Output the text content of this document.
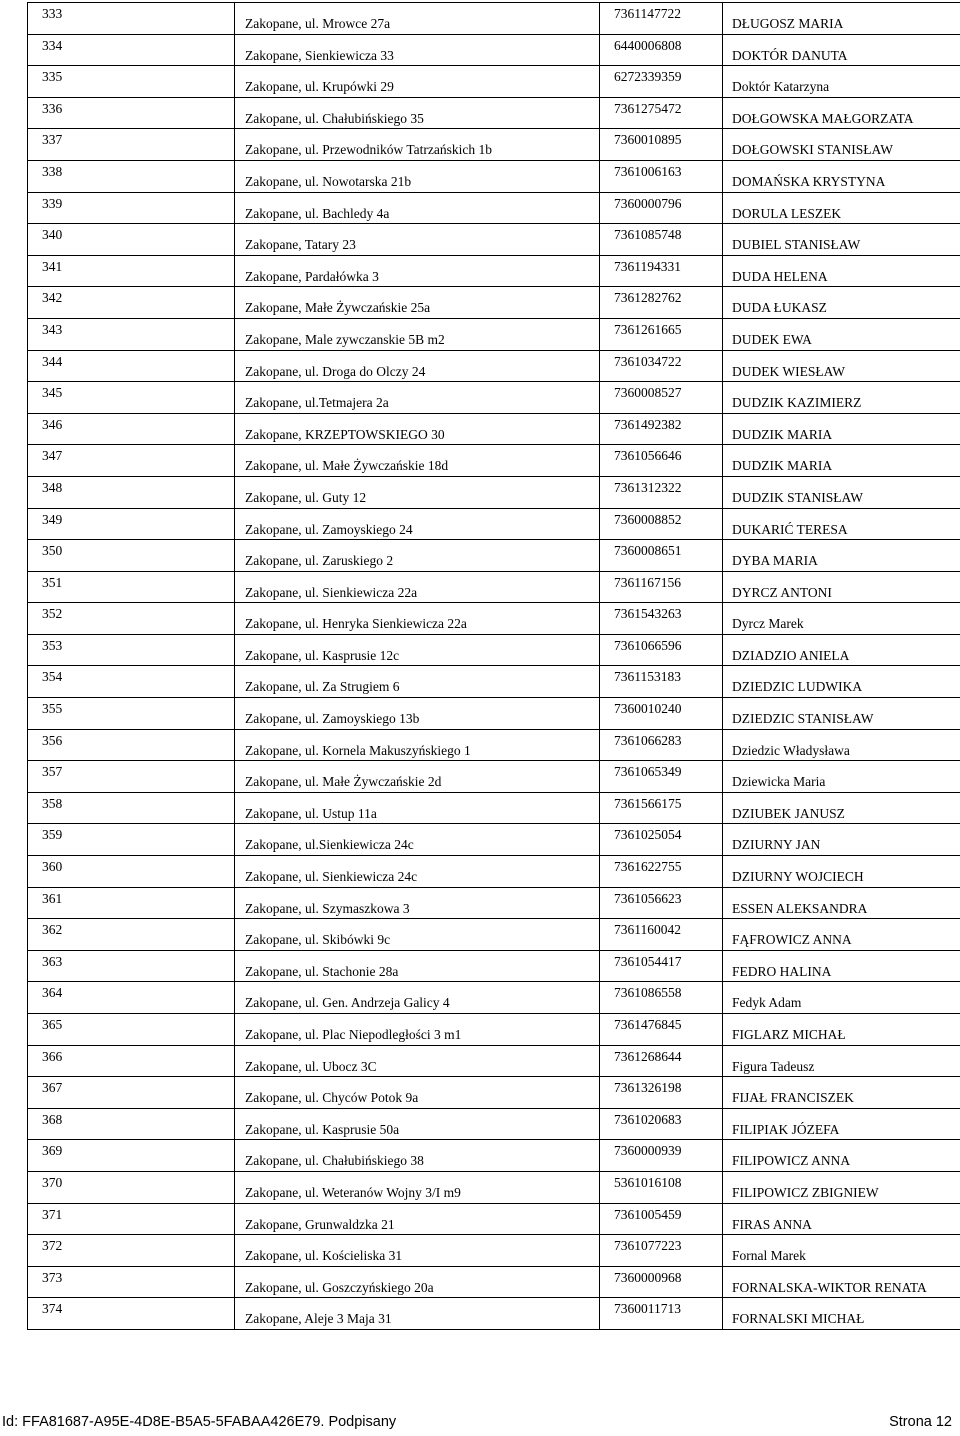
333	Zakopane, ul. Mrowce 27a	7361147722	DŁUGOSZ MARIA

334	Zakopane, Sienkiewicza 33	6440006808	DOKTÓR DANUTA

335	Zakopane, ul. Krupówki 29	6272339359	Doktór Katarzyna

336	Zakopane, ul. Chałubińskiego 35	7361275472	DOŁGOWSKA MAŁGORZATA

337	Zakopane, ul. Przewodników Tatrzańskich 1b	7360010895	DOŁGOWSKI STANISŁAW

338	Zakopane, ul. Nowotarska 21b	7361006163	DOMAŃSKA KRYSTYNA

339	Zakopane, ul. Bachledy 4a	7360000796	DORULA LESZEK

340	Zakopane, Tatary 23	7361085748	DUBIEL STANISŁAW

341	Zakopane, Pardałówka 3	7361194331	DUDA HELENA

342	Zakopane, Małe Żywczańskie 25a	7361282762	DUDA ŁUKASZ

343	Zakopane, Male zywczanskie 5B m2	7361261665	DUDEK EWA

344	Zakopane, ul. Droga do Olczy 24	7361034722	DUDEK WIESŁAW

345	Zakopane, ul.Tetmajera 2a	7360008527	DUDZIK KAZIMIERZ

346	Zakopane, KRZEPTOWSKIEGO 30	7361492382	DUDZIK MARIA

347	Zakopane, ul. Małe Żywczańskie 18d	7361056646	DUDZIK MARIA

348	Zakopane, ul. Guty 12	7361312322	DUDZIK STANISŁAW

349	Zakopane, ul. Zamoyskiego 24	7360008852	DUKARIĆ TERESA

350	Zakopane, ul. Zaruskiego 2	7360008651	DYBA MARIA

351	Zakopane, ul. Sienkiewicza 22a	7361167156	DYRCZ ANTONI

352	Zakopane, ul. Henryka Sienkiewicza 22a	7361543263	Dyrcz Marek

353	Zakopane, ul. Kasprusie 12c	7361066596	DZIADZIO ANIELA

354	Zakopane, ul. Za Strugiem 6	7361153183	DZIEDZIC LUDWIKA

355	Zakopane, ul. Zamoyskiego 13b	7360010240	DZIEDZIC STANISŁAW

356	Zakopane, ul. Kornela Makuszyńskiego 1	7361066283	Dziedzic Władysława

357	Zakopane, ul. Małe Żywczańskie 2d	7361065349	Dziewicka Maria

358	Zakopane, ul. Ustup 11a	7361566175	DZIUBEK JANUSZ

359	Zakopane, ul.Sienkiewicza 24c	7361025054	DZIURNY JAN

360	Zakopane, ul. Sienkiewicza 24c	7361622755	DZIURNY WOJCIECH

361	Zakopane, ul. Szymaszkowa 3	7361056623	ESSEN ALEKSANDRA

362	Zakopane, ul. Skibówki 9c	7361160042	FĄFROWICZ ANNA

363	Zakopane, ul. Stachonie 28a	7361054417	FEDRO HALINA

364	Zakopane, ul. Gen. Andrzeja Galicy 4	7361086558	Fedyk Adam

365	Zakopane, ul. Plac Niepodległości 3 m1	7361476845	FIGLARZ MICHAŁ

366	Zakopane, ul. Ubocz 3C	7361268644	Figura Tadeusz

367	Zakopane, ul. Chyców Potok 9a	7361326198	FIJAŁ FRANCISZEK

368	Zakopane, ul. Kasprusie 50a	7361020683	FILIPIAK JÓZEFA

369	Zakopane, ul. Chałubińskiego 38	7360000939	FILIPOWICZ ANNA

370	Zakopane, ul. Weteranów Wojny 3/I m9	5361016108	FILIPOWICZ ZBIGNIEW

371	Zakopane, Grunwaldzka 21	7361005459	FIRAS ANNA

372	Zakopane, ul. Kościeliska 31	7361077223	Fornal Marek

373	Zakopane, ul. Goszczyńskiego 20a	7360000968	FORNALSKA-WIKTOR RENATA

374	Zakopane, Aleje 3 Maja 31	7360011713	FORNALSKI MICHAŁ
Id: FFA81687-A95E-4D8E-B5A5-5FABAA426E79. Podpisany	Strona 12
